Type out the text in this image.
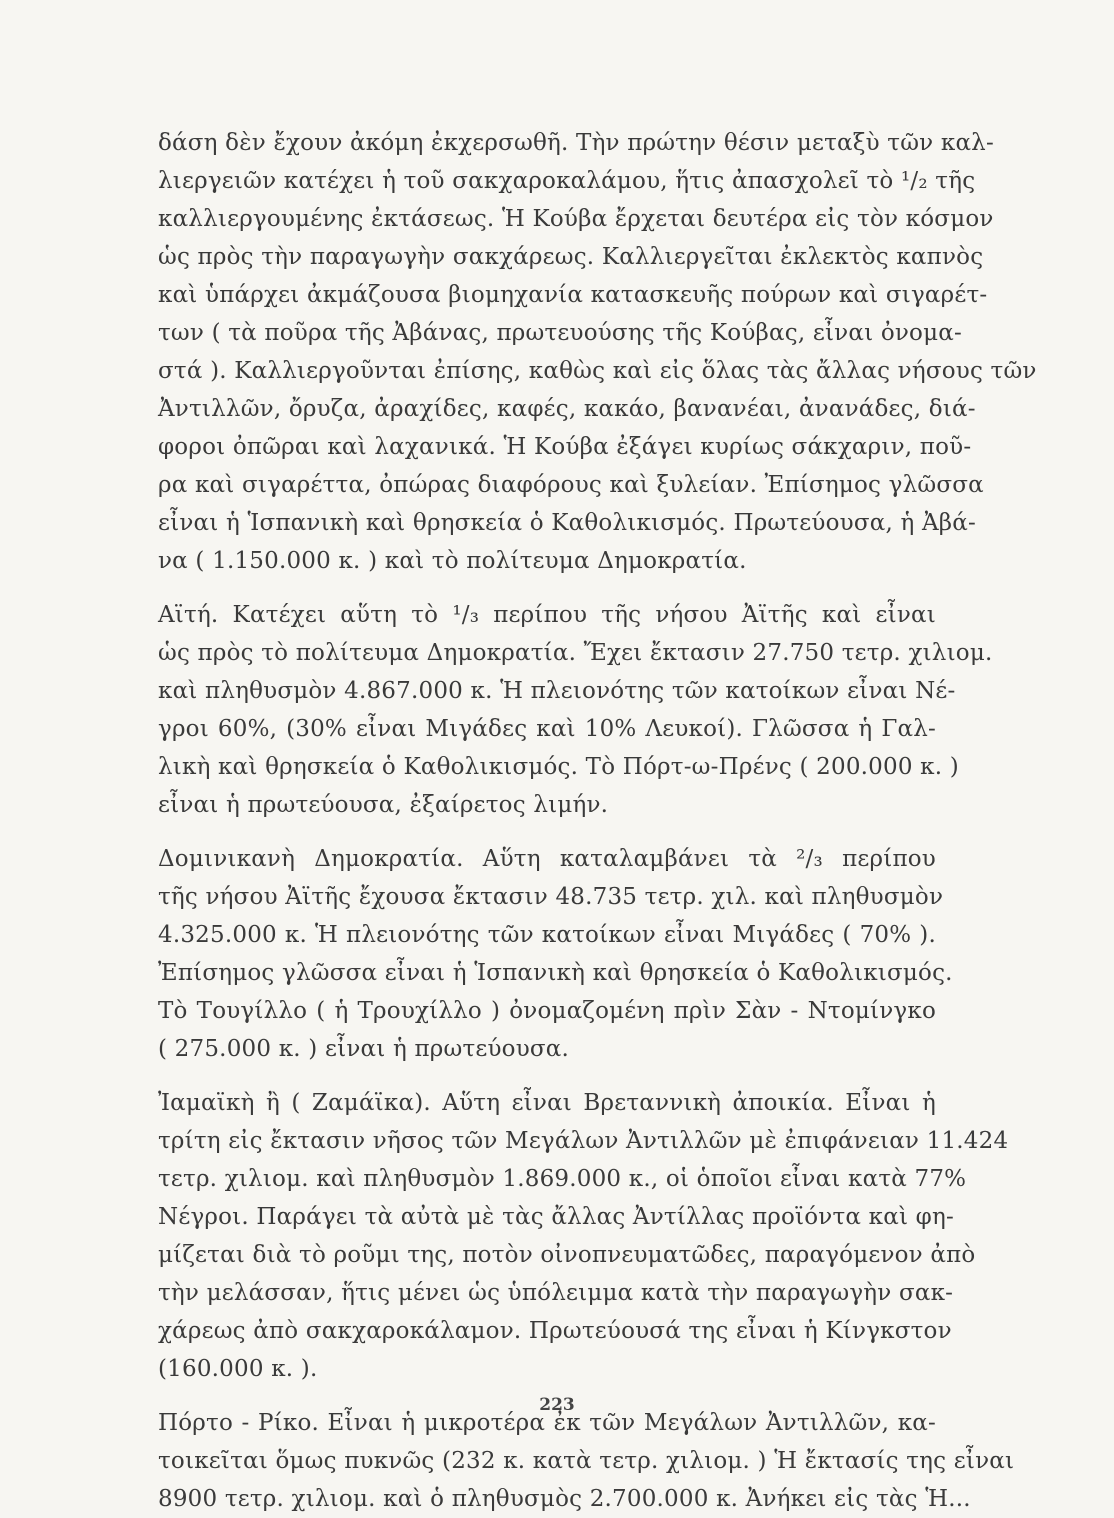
δάση δὲν ἔχουν ἀκόμη ἐκχερσωθῆ. Τὴν πρώτην θέσιν μεταξὺ τῶν καλ-
λιεργειῶν κατέχει ἡ τοῦ σακχαροκαλάμου, ἥτις ἀπασχολεῖ τὸ ¹/₂ τῆς
καλλιεργουμένης ἐκτάσεως. Ἡ Κούβα ἔρχεται δευτέρα εἰς τὸν κόσμον
ὡς πρὸς τὴν παραγωγὴν σακχάρεως. Καλλιεργεῖται ἐκλεκτὸς καπνὸς
καὶ ὑπάρχει ἀκμάζουσα βιομηχανία κατασκευῆς πούρων καὶ σιγαρέτ-
των ( τὰ ποῦρα τῆς Ἀβάνας, πρωτευούσης τῆς Κούβας, εἶναι ὀνομα-
στά ). Καλλιεργοῦνται ἐπίσης, καθὼς καὶ εἰς ὅλας τὰς ἄλλας νήσους τῶν
Ἀντιλλῶν, ὄρυζα, ἀραχίδες, καφές, κακάο, βανανέαι, ἀνανάδες, διά-
φοροι ὀπῶραι καὶ λαχανικά. Ἡ Κούβα ἐξάγει κυρίως σάκχαριν, ποῦ-
ρα καὶ σιγαρέττα, ὀπώρας διαφόρους καὶ ξυλείαν. Ἐπίσημος γλῶσσα
εἶναι ἡ Ἱσπανικὴ καὶ θρησκεία ὁ Καθολικισμός. Πρωτεύουσα, ἡ Ἀβά-
να ( 1.150.000 κ. ) καὶ τὸ πολίτευμα Δημοκρατία.

Αϊτή. Κατέχει αὕτη τὸ ¹/₃ περίπου τῆς νήσου Ἀϊτῆς καὶ εἶναι
ὡς πρὸς τὸ πολίτευμα Δημοκρατία. Ἔχει ἔκτασιν 27.750 τετρ. χιλιομ.
καὶ πληθυσμὸν 4.867.000 κ. Ἡ πλειονότης τῶν κατοίκων εἶναι Νέ-
γροι 60%, (30% εἶναι Μιγάδες καὶ 10% Λευκοί). Γλῶσσα ἡ Γαλ-
λικὴ καὶ θρησκεία ὁ Καθολικισμός. Τὸ Πόρτ-ω-Πρένς ( 200.000 κ. )
εἶναι ἡ πρωτεύουσα, ἐξαίρετος λιμήν.

Δομινικανὴ Δημοκρατία. Αὕτη καταλαμβάνει τὰ ²/₃ περίπου
τῆς νήσου Ἀϊτῆς ἔχουσα ἔκτασιν 48.735 τετρ. χιλ. καὶ πληθυσμὸν
4.325.000 κ. Ἡ πλειονότης τῶν κατοίκων εἶναι Μιγάδες ( 70% ).
Ἐπίσημος γλῶσσα εἶναι ἡ Ἱσπανικὴ καὶ θρησκεία ὁ Καθολικισμός.
Τὸ Τουγίλλο ( ἡ Τρουχίλλο ) ὀνομαζομένη πρὶν Σὰν - Ντομίνγκο
( 275.000 κ. ) εἶναι ἡ πρωτεύουσα.

Ἰαμαϊκὴ ἢ ( Ζαμάϊκα). Αὕτη εἶναι Βρεταννικὴ ἀποικία. Εἶναι ἡ
τρίτη εἰς ἔκτασιν νῆσος τῶν Μεγάλων Ἀντιλλῶν μὲ ἐπιφάνειαν 11.424
τετρ. χιλιομ. καὶ πληθυσμὸν 1.869.000 κ., οἱ ὁποῖοι εἶναι κατὰ 77%
Νέγροι. Παράγει τὰ αὐτὰ μὲ τὰς ἄλλας Ἀντίλλας προϊόντα καὶ φη-
μίζεται διὰ τὸ ροῦμι της, ποτὸν οἰνοπνευματῶδες, παραγόμενον ἀπὸ
τὴν μελάσσαν, ἥτις μένει ὡς ὑπόλειμμα κατὰ τὴν παραγωγὴν σακ-
χάρεως ἀπὸ σακχαροκάλαμον. Πρωτεύουσά της εἶναι ἡ Κίνγκστον
(160.000 κ. ).

Πόρτο - Ρίκο. Εἶναι ἡ μικροτέρα ἐκ τῶν Μεγάλων Ἀντιλλῶν, κα-
τοικεῖται ὅμως πυκνῶς (232 κ. κατὰ τετρ. χιλιομ. ) Ἡ ἔκτασίς της εἶναι
8900 τετρ. χιλιομ. καὶ ὁ πληθυσμὸς 2.700.000 κ. Ἀνήκει εἰς τὰς Ἡ...

223
